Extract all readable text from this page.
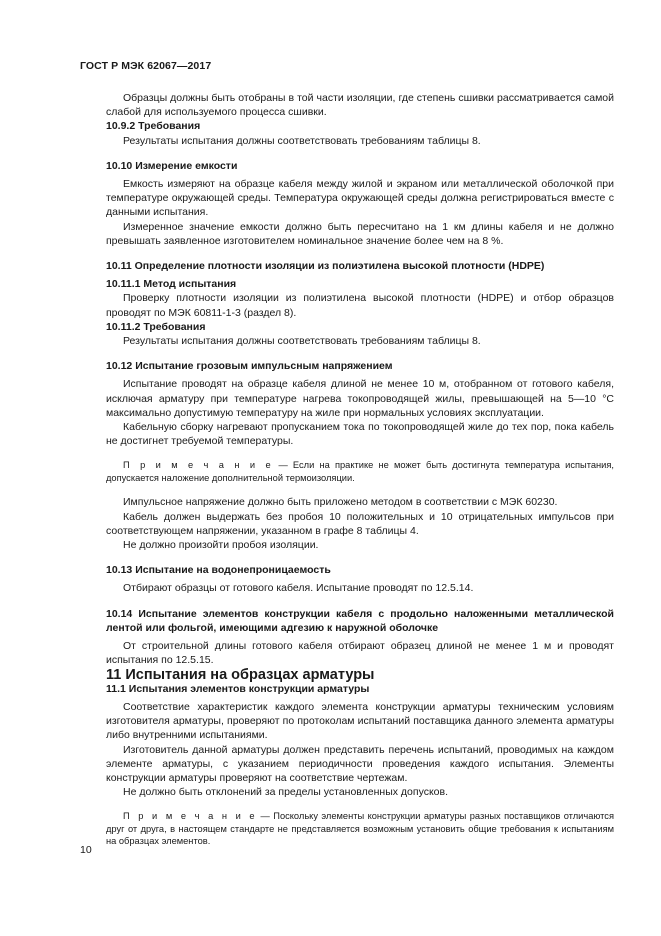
ГОСТ Р МЭК 62067—2017

Образцы должны быть отобраны в той части изоляции, где степень сшивки рассматривается самой слабой для используемого процесса сшивки.

10.9.2 Требования

Результаты испытания должны соответствовать требованиям таблицы 8.

10.10 Измерение емкости

Емкость измеряют на образце кабеля между жилой и экраном или металлической оболочкой при температуре окружающей среды. Температура окружающей среды должна регистрироваться вместе с данными испытания.

Измеренное значение емкости должно быть пересчитано на 1 км длины кабеля и не должно превышать заявленное изготовителем номинальное значение более чем на 8 %.

10.11 Определение плотности изоляции из полиэтилена высокой плотности (HDPE)

10.11.1 Метод испытания

Проверку плотности изоляции из полиэтилена высокой плотности (HDPE) и отбор образцов проводят по МЭК 60811-1-3 (раздел 8).

10.11.2 Требования

Результаты испытания должны соответствовать требованиям таблицы 8.

10.12 Испытание грозовым импульсным напряжением

Испытание проводят на образце кабеля длиной не менее 10 м, отобранном от готового кабеля, исключая арматуру при температуре нагрева токопроводящей жилы, превышающей на 5—10 °С максимально допустимую температуру на жиле при нормальных условиях эксплуатации.

Кабельную сборку нагревают пропусканием тока по токопроводящей жиле до тех пор, пока кабель не достигнет требуемой температуры.

П р и м е ч а н и е — Если на практике не может быть достигнута температура испытания, допускается наложение дополнительной термоизоляции.

Импульсное напряжение должно быть приложено методом в соответствии с МЭК 60230.

Кабель должен выдержать без пробоя 10 положительных и 10 отрицательных импульсов при соответствующем напряжении, указанном в графе 8 таблицы 4.

Не должно произойти пробоя изоляции.

10.13 Испытание на водонепроницаемость

Отбирают образцы от готового кабеля. Испытание проводят по 12.5.14.

10.14 Испытание элементов конструкции кабеля с продольно наложенными металлической лентой или фольгой, имеющими адгезию к наружной оболочке

От строительной длины готового кабеля отбирают образец длиной не менее 1 м и проводят испытания по 12.5.15.

11 Испытания на образцах арматуры

11.1 Испытания элементов конструкции арматуры

Соответствие характеристик каждого элемента конструкции арматуры техническим условиям изготовителя арматуры, проверяют по протоколам испытаний поставщика данного элемента арматуры либо внутренними испытаниями.

Изготовитель данной арматуры должен представить перечень испытаний, проводимых на каждом элементе арматуры, с указанием периодичности проведения каждого испытания. Элементы конструкции арматуры проверяют на соответствие чертежам.

Не должно быть отклонений за пределы установленных допусков.

П р и м е ч а н и е — Поскольку элементы конструкции арматуры разных поставщиков отличаются друг от друга, в настоящем стандарте не представляется возможным установить общие требования к испытаниям на образцах элементов.

10
